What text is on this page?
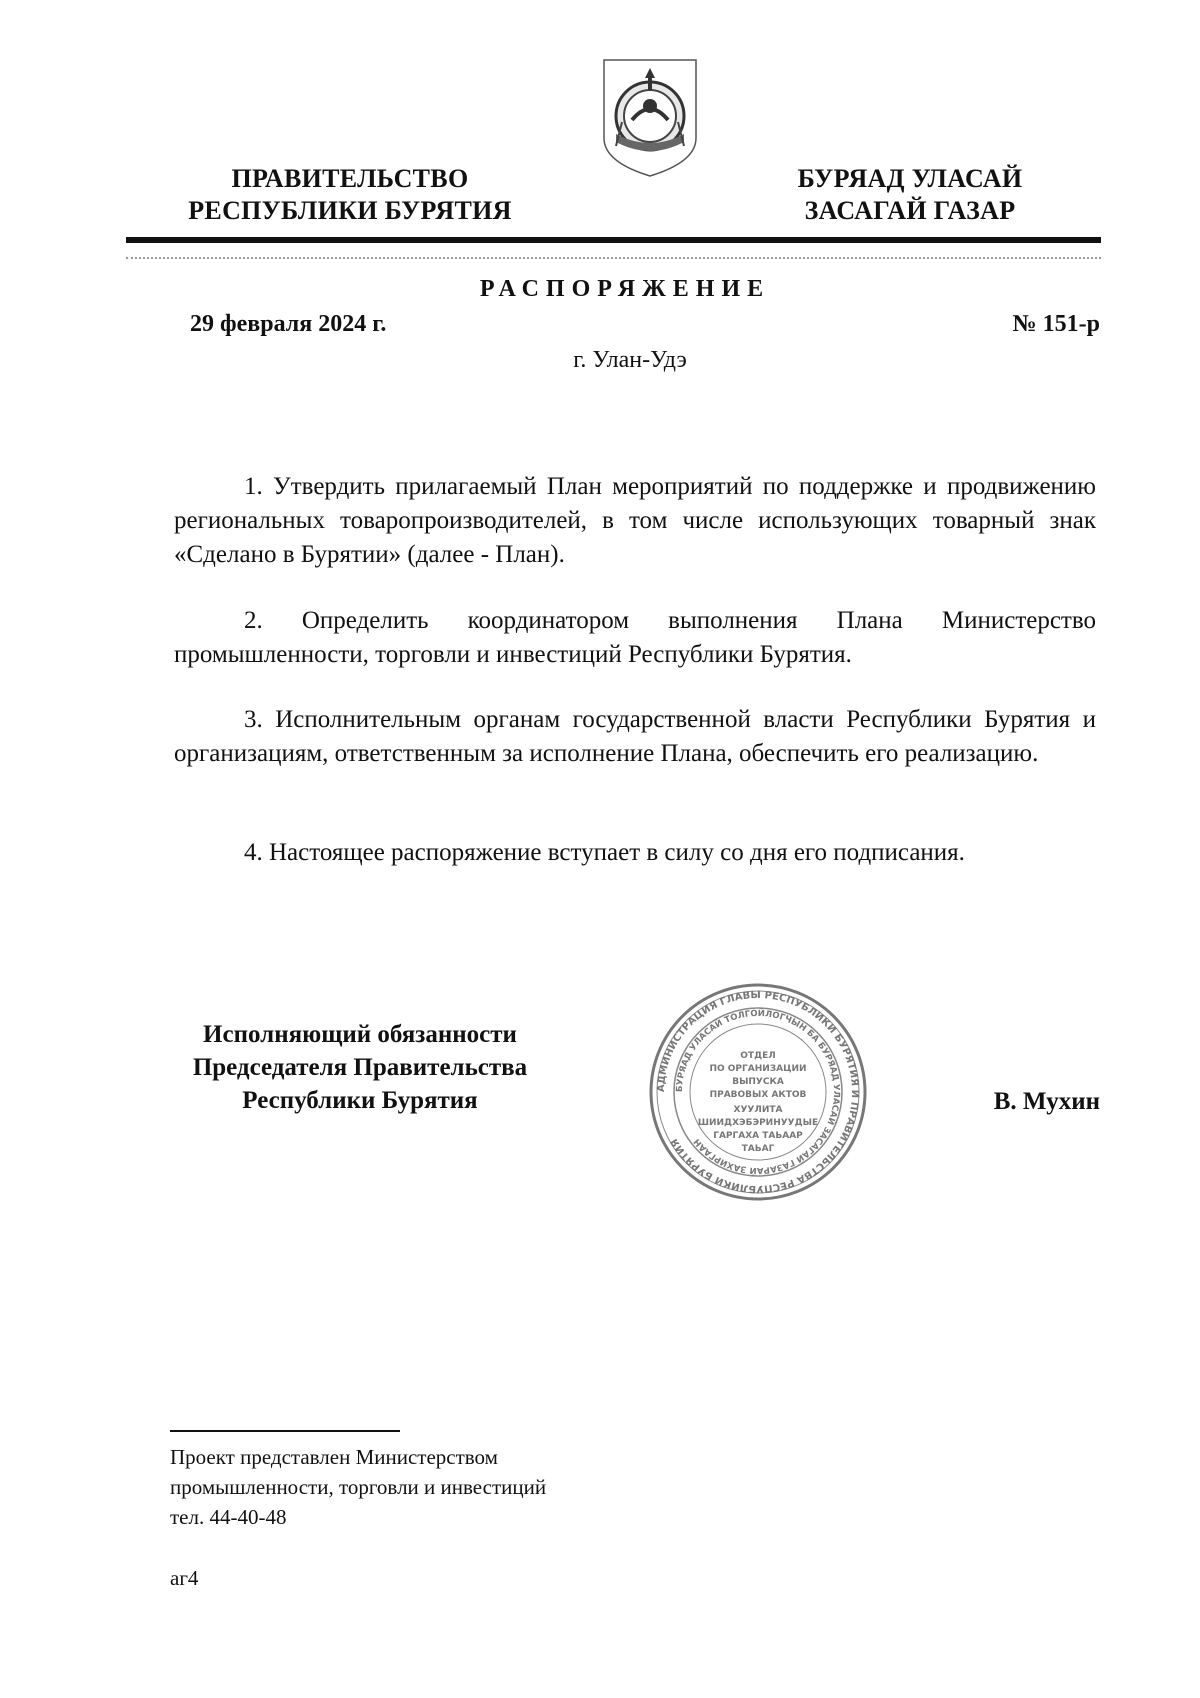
ПРАВИТЕЛЬСТВО
РЕСПУБЛИКИ БУРЯТИЯ
БУРЯАД УЛАСАЙ
ЗАСАГАЙ ГАЗАР
РАСПОРЯЖЕНИЕ
29 февраля 2024 г.	№ 151-р
г. Улан-Удэ
1. Утвердить прилагаемый План мероприятий по поддержке и продвижению региональных товаропроизводителей, в том числе использующих товарный знак «Сделано в Бурятии» (далее - План).
2. Определить координатором выполнения Плана Министерство промышленности, торговли и инвестиций Республики Бурятия.
3. Исполнительным органам государственной власти Республики Бурятия и организациям, ответственным за исполнение Плана, обеспечить его реализацию.
4. Настоящее распоряжение вступает в силу со дня его подписания.
Исполняющий обязанности
Председателя Правительства
Республики Бурятия	В. Мухин
АДМИНИСТРАЦИЯ ГЛАВЫ РЕСПУБЛИКИ БУРЯТИЯ И ПРАВИТЕЛЬСТВА РЕСПУБЛИКИ БУРЯТИЯ
БУРЯАД УЛАСАЙ ТОЛГОЙЛОГЧЫН БА БУРЯАД УЛАСАЙ ЗАСАГАЙ ГАЗАРАЙ ЗАХИРГААН
ОТДЕЛ
ПО ОРГАНИЗАЦИИ
ВЫПУСКА
ПРАВОВЫХ АКТОВ
ХУУЛИТА
ШИИДХЭБЭРИНУУДЫЕ
ГАРГАХА ТАЬААР
ТАЬАГ
Проект представлен Министерством
промышленности, торговли и инвестиций
тел. 44-40-48
аг4
